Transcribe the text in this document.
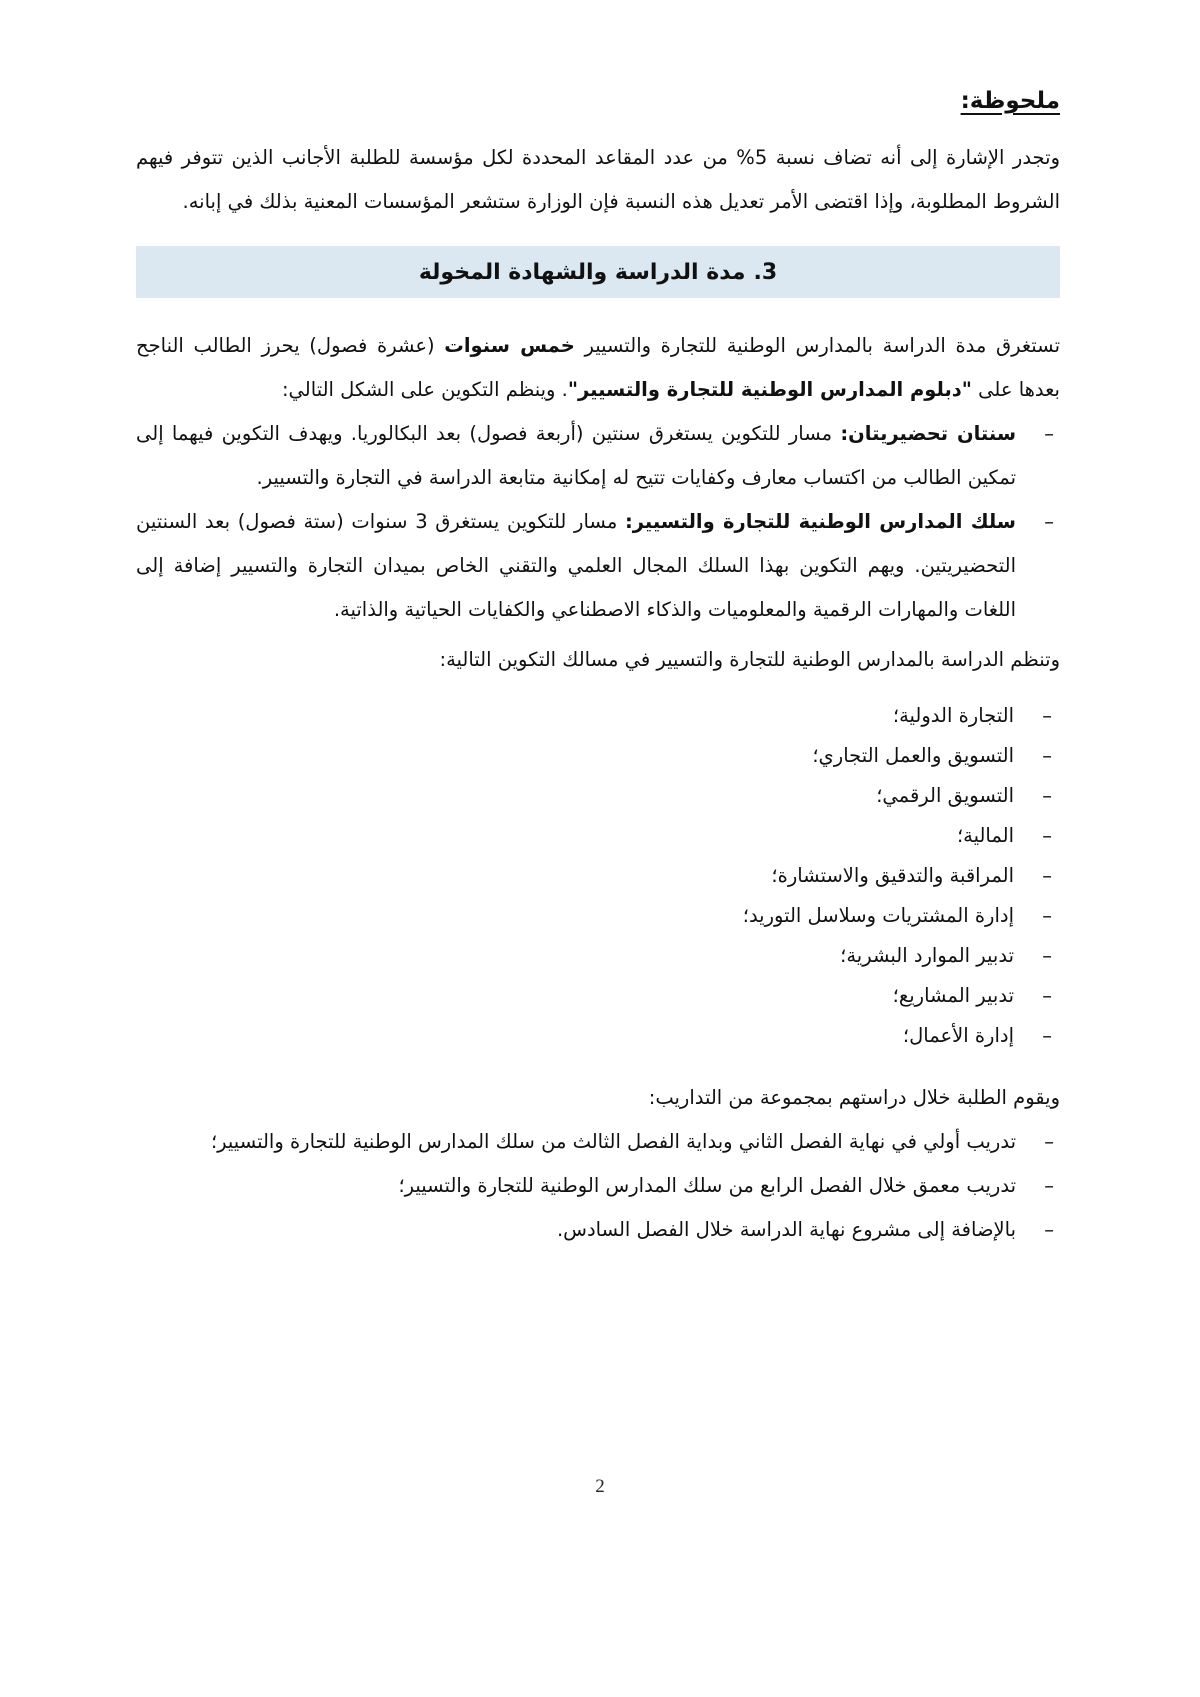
ملحوظة:

وتجدر الإشارة إلى أنه تضاف نسبة 5% من عدد المقاعد المحددة لكل مؤسسة للطلبة الأجانب الذين تتوفر فيهم الشروط المطلوبة، وإذا اقتضى الأمر تعديل هذه النسبة فإن الوزارة ستشعر المؤسسات المعنية بذلك في إبانه.

3.
مدة الدراسة والشهادة المخولة

تستغرق مدة الدراسة بالمدارس الوطنية للتجارة والتسيير خمس سنوات (عشرة فصول) يحرز الطالب الناجح بعدها على "دبلوم المدارس الوطنية للتجارة والتسيير". وينظم التكوين على الشكل التالي:

– سنتان تحضيريتان: مسار للتكوين يستغرق سنتين (أربعة فصول) بعد البكالوريا. ويهدف التكوين فيهما إلى تمكين الطالب من اكتساب معارف وكفايات تتيح له إمكانية متابعة الدراسة في التجارة والتسيير.
– سلك المدارس الوطنية للتجارة والتسيير: مسار للتكوين يستغرق 3 سنوات (ستة فصول) بعد السنتين التحضيريتين. ويهم التكوين بهذا السلك المجال العلمي والتقني الخاص بميدان التجارة والتسيير إضافة إلى اللغات والمهارات الرقمية والمعلوميات والذكاء الاصطناعي والكفايات الحياتية والذاتية.

وتنظم الدراسة بالمدارس الوطنية للتجارة والتسيير في مسالك التكوين التالية:

– التجارة الدولية؛
– التسويق والعمل التجاري؛
– التسويق الرقمي؛
– المالية؛
– المراقبة والتدقيق والاستشارة؛
– إدارة المشتريات وسلاسل التوريد؛
– تدبير الموارد البشرية؛
– تدبير المشاريع؛
– إدارة الأعمال؛

ويقوم الطلبة خلال دراستهم بمجموعة من التداريب:

– تدريب أولي في نهاية الفصل الثاني وبداية الفصل الثالث من سلك المدارس الوطنية للتجارة والتسيير؛
– تدريب معمق خلال الفصل الرابع من سلك المدارس الوطنية للتجارة والتسيير؛
– بالإضافة إلى مشروع نهاية الدراسة خلال الفصل السادس.
2
